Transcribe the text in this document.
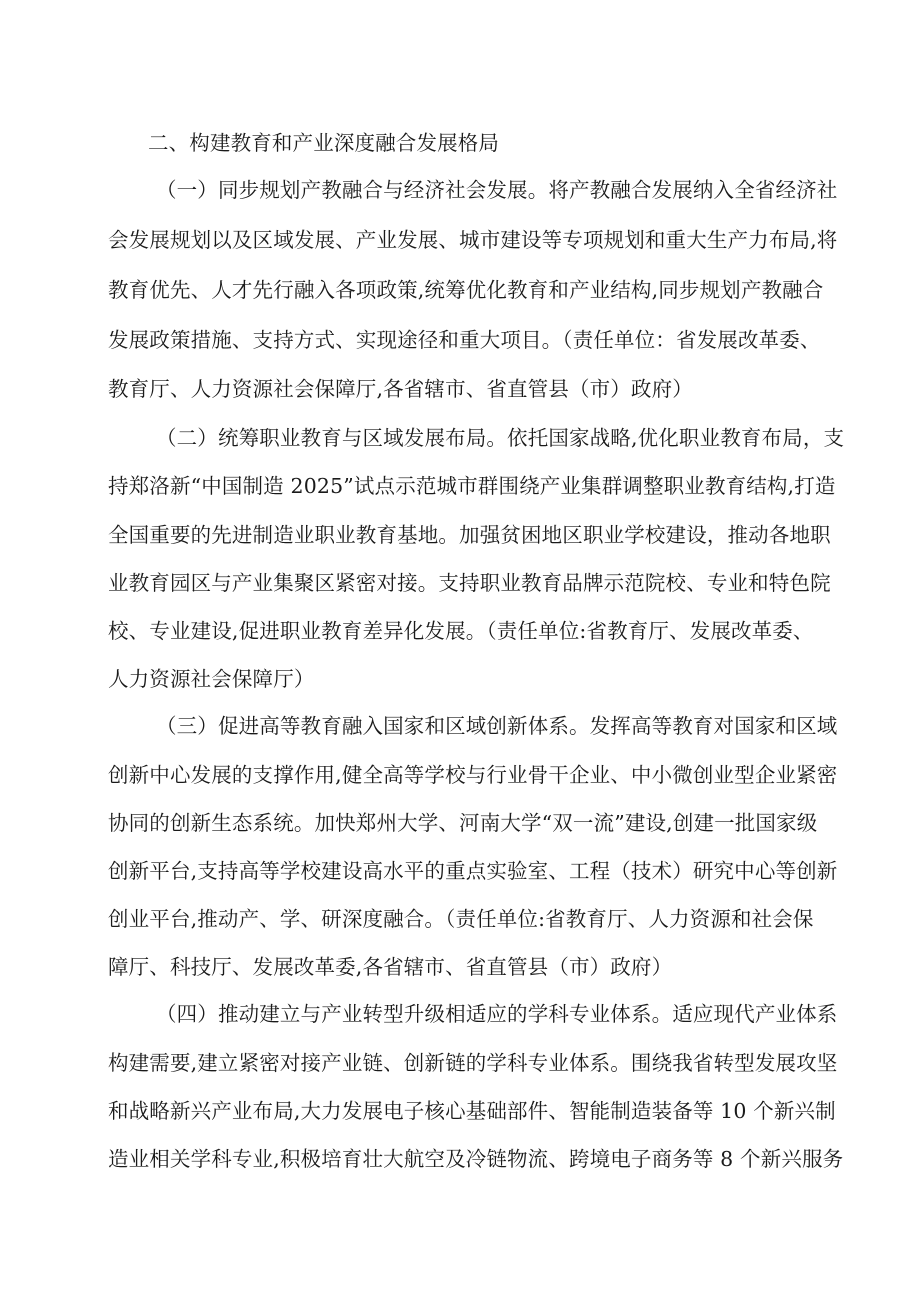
二、构建教育和产业深度融合发展格局
（一）同步规划产教融合与经济社会发展。将产教融合发展纳入全省经济社
会发展规划以及区域发展、产业发展、城市建设等专项规划和重大生产力布局,将
教育优先、人才先行融入各项政策,统筹优化教育和产业结构,同步规划产教融合
发展政策措施、支持方式、实现途径和重大项目。（责任单位：省发展改革委、
教育厅、人力资源社会保障厅,各省辖市、省直管县（市）政府）
（二）统筹职业教育与区域发展布局。依托国家战略,优化职业教育布局，支
持郑洛新“中国制造 2025”试点示范城市群围绕产业集群调整职业教育结构,打造
全国重要的先进制造业职业教育基地。加强贫困地区职业学校建设，推动各地职
业教育园区与产业集聚区紧密对接。支持职业教育品牌示范院校、专业和特色院
校、专业建设,促进职业教育差异化发展。（责任单位:省教育厅、发展改革委、
人力资源社会保障厅）
（三）促进高等教育融入国家和区域创新体系。发挥高等教育对国家和区域
创新中心发展的支撑作用,健全高等学校与行业骨干企业、中小微创业型企业紧密
协同的创新生态系统。加快郑州大学、河南大学“双一流”建设,创建一批国家级
创新平台,支持高等学校建设高水平的重点实验室、工程（技术）研究中心等创新
创业平台,推动产、学、研深度融合。（责任单位:省教育厅、人力资源和社会保
障厅、科技厅、发展改革委,各省辖市、省直管县（市）政府）
（四）推动建立与产业转型升级相适应的学科专业体系。适应现代产业体系
构建需要,建立紧密对接产业链、创新链的学科专业体系。围绕我省转型发展攻坚
和战略新兴产业布局,大力发展电子核心基础部件、智能制造装备等 10 个新兴制
造业相关学科专业,积极培育壮大航空及冷链物流、跨境电子商务等 8 个新兴服务
